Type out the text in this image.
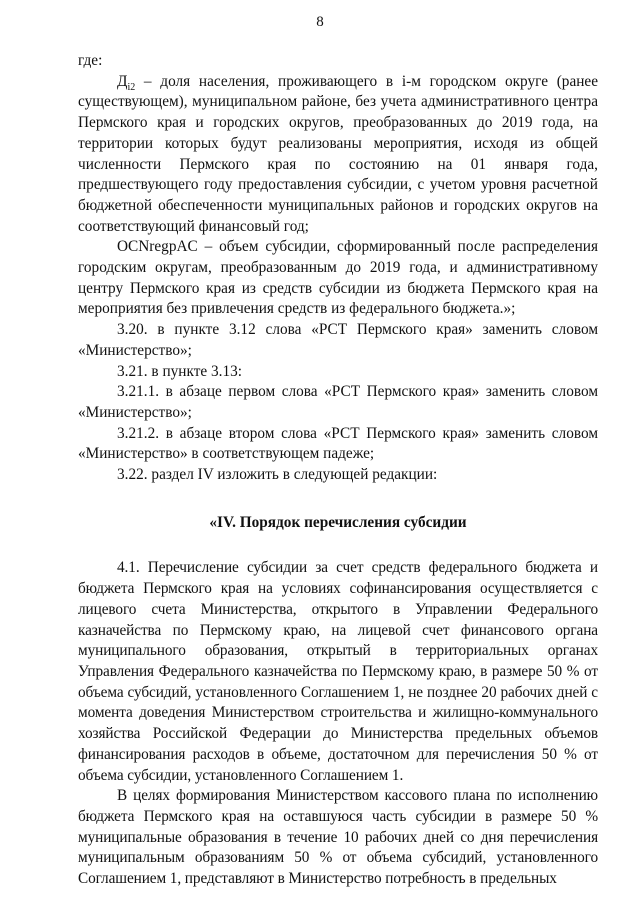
8

где:

$Д_{i2}$ – доля населения, проживающего в i-м городском округе (ранее существующем), муниципальном районе, без учета административного центра Пермского края и городских округов, преобразованных до 2019 года, на территории которых будут реализованы мероприятия, исходя из общей численности Пермского края по состоянию на 01 января года, предшествующего году предоставления субсидии, с учетом уровня расчетной бюджетной обеспеченности муниципальных районов и городских округов на соответствующий финансовый год;

OCNregpAC – объем субсидии, сформированный после распределения городским округам, преобразованным до 2019 года, и административному центру Пермского края из средств субсидии из бюджета Пермского края на мероприятия без привлечения средств из федерального бюджета.»;

3.20. в пункте 3.12 слова «РСТ Пермского края» заменить словом «Министерство»;

3.21. в пункте 3.13:

3.21.1. в абзаце первом слова «РСТ Пермского края» заменить словом «Министерство»;

3.21.2. в абзаце втором слова «РСТ Пермского края» заменить словом «Министерство» в соответствующем падеже;

3.22. раздел IV изложить в следующей редакции:

«IV. Порядок перечисления субсидии

4.1. Перечисление субсидии за счет средств федерального бюджета и бюджета Пермского края на условиях софинансирования осуществляется с лицевого счета Министерства, открытого в Управлении Федерального казначейства по Пермскому краю, на лицевой счет финансового органа муниципального образования, открытый в территориальных органах Управления Федерального казначейства по Пермскому краю, в размере 50 % от объема субсидий, установленного Соглашением 1, не позднее 20 рабочих дней с момента доведения Министерством строительства и жилищно-коммунального хозяйства Российской Федерации до Министерства предельных объемов финансирования расходов в объеме, достаточном для перечисления 50 % от объема субсидии, установленного Соглашением 1.

В целях формирования Министерством кассового плана по исполнению бюджета Пермского края на оставшуюся часть субсидии в размере 50 % муниципальные образования в течение 10 рабочих дней со дня перечисления муниципальным образованиям 50 % от объема субсидий, установленного Соглашением 1, представляют в Министерство потребность в предельных
